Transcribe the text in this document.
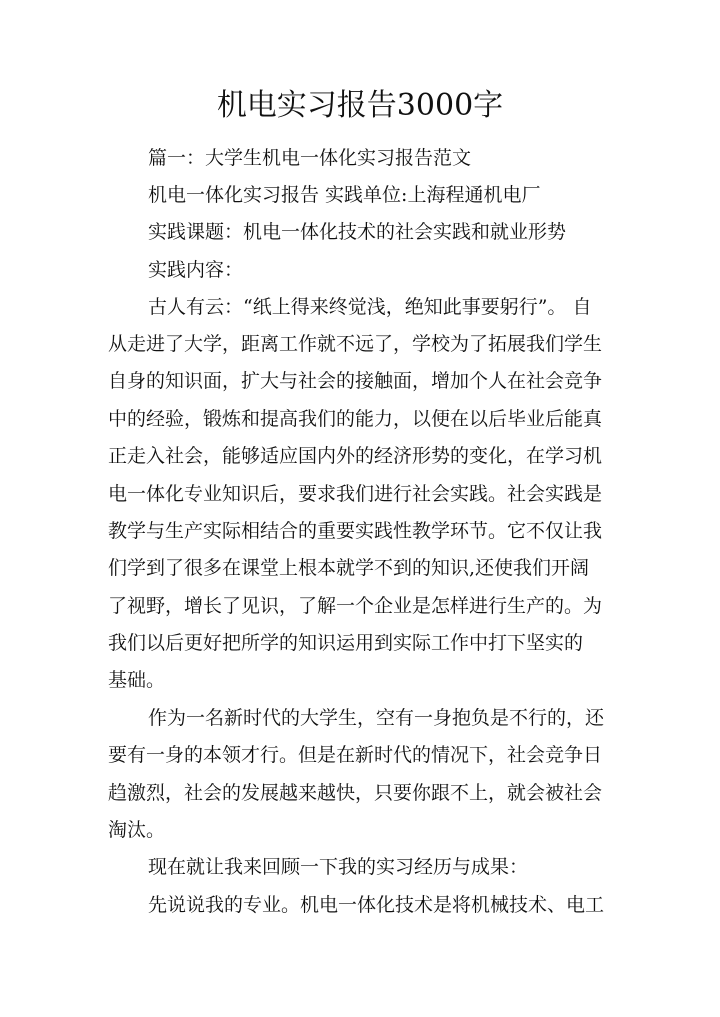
机电实习报告3000字
篇一：大学生机电一体化实习报告范文
机电一体化实习报告 实践单位:上海程通机电厂
实践课题：机电一体化技术的社会实践和就业形势
实践内容：
古人有云：“纸上得来终觉浅，绝知此事要躬行”。 自
从走进了大学，距离工作就不远了，学校为了拓展我们学生
自身的知识面，扩大与社会的接触面，增加个人在社会竞争
中的经验，锻炼和提高我们的能力，以便在以后毕业后能真
正走入社会，能够适应国内外的经济形势的变化，在学习机
电一体化专业知识后，要求我们进行社会实践。社会实践是
教学与生产实际相结合的重要实践性教学环节。它不仅让我
们学到了很多在课堂上根本就学不到的知识,还使我们开阔
了视野，增长了见识，了解一个企业是怎样进行生产的。为
我们以后更好把所学的知识运用到实际工作中打下坚实的
基础。
作为一名新时代的大学生，空有一身抱负是不行的，还
要有一身的本领才行。但是在新时代的情况下，社会竞争日
趋激烈，社会的发展越来越快，只要你跟不上，就会被社会
淘汰。
现在就让我来回顾一下我的实习经历与成果：
先说说我的专业。机电一体化技术是将机械技术、电工
